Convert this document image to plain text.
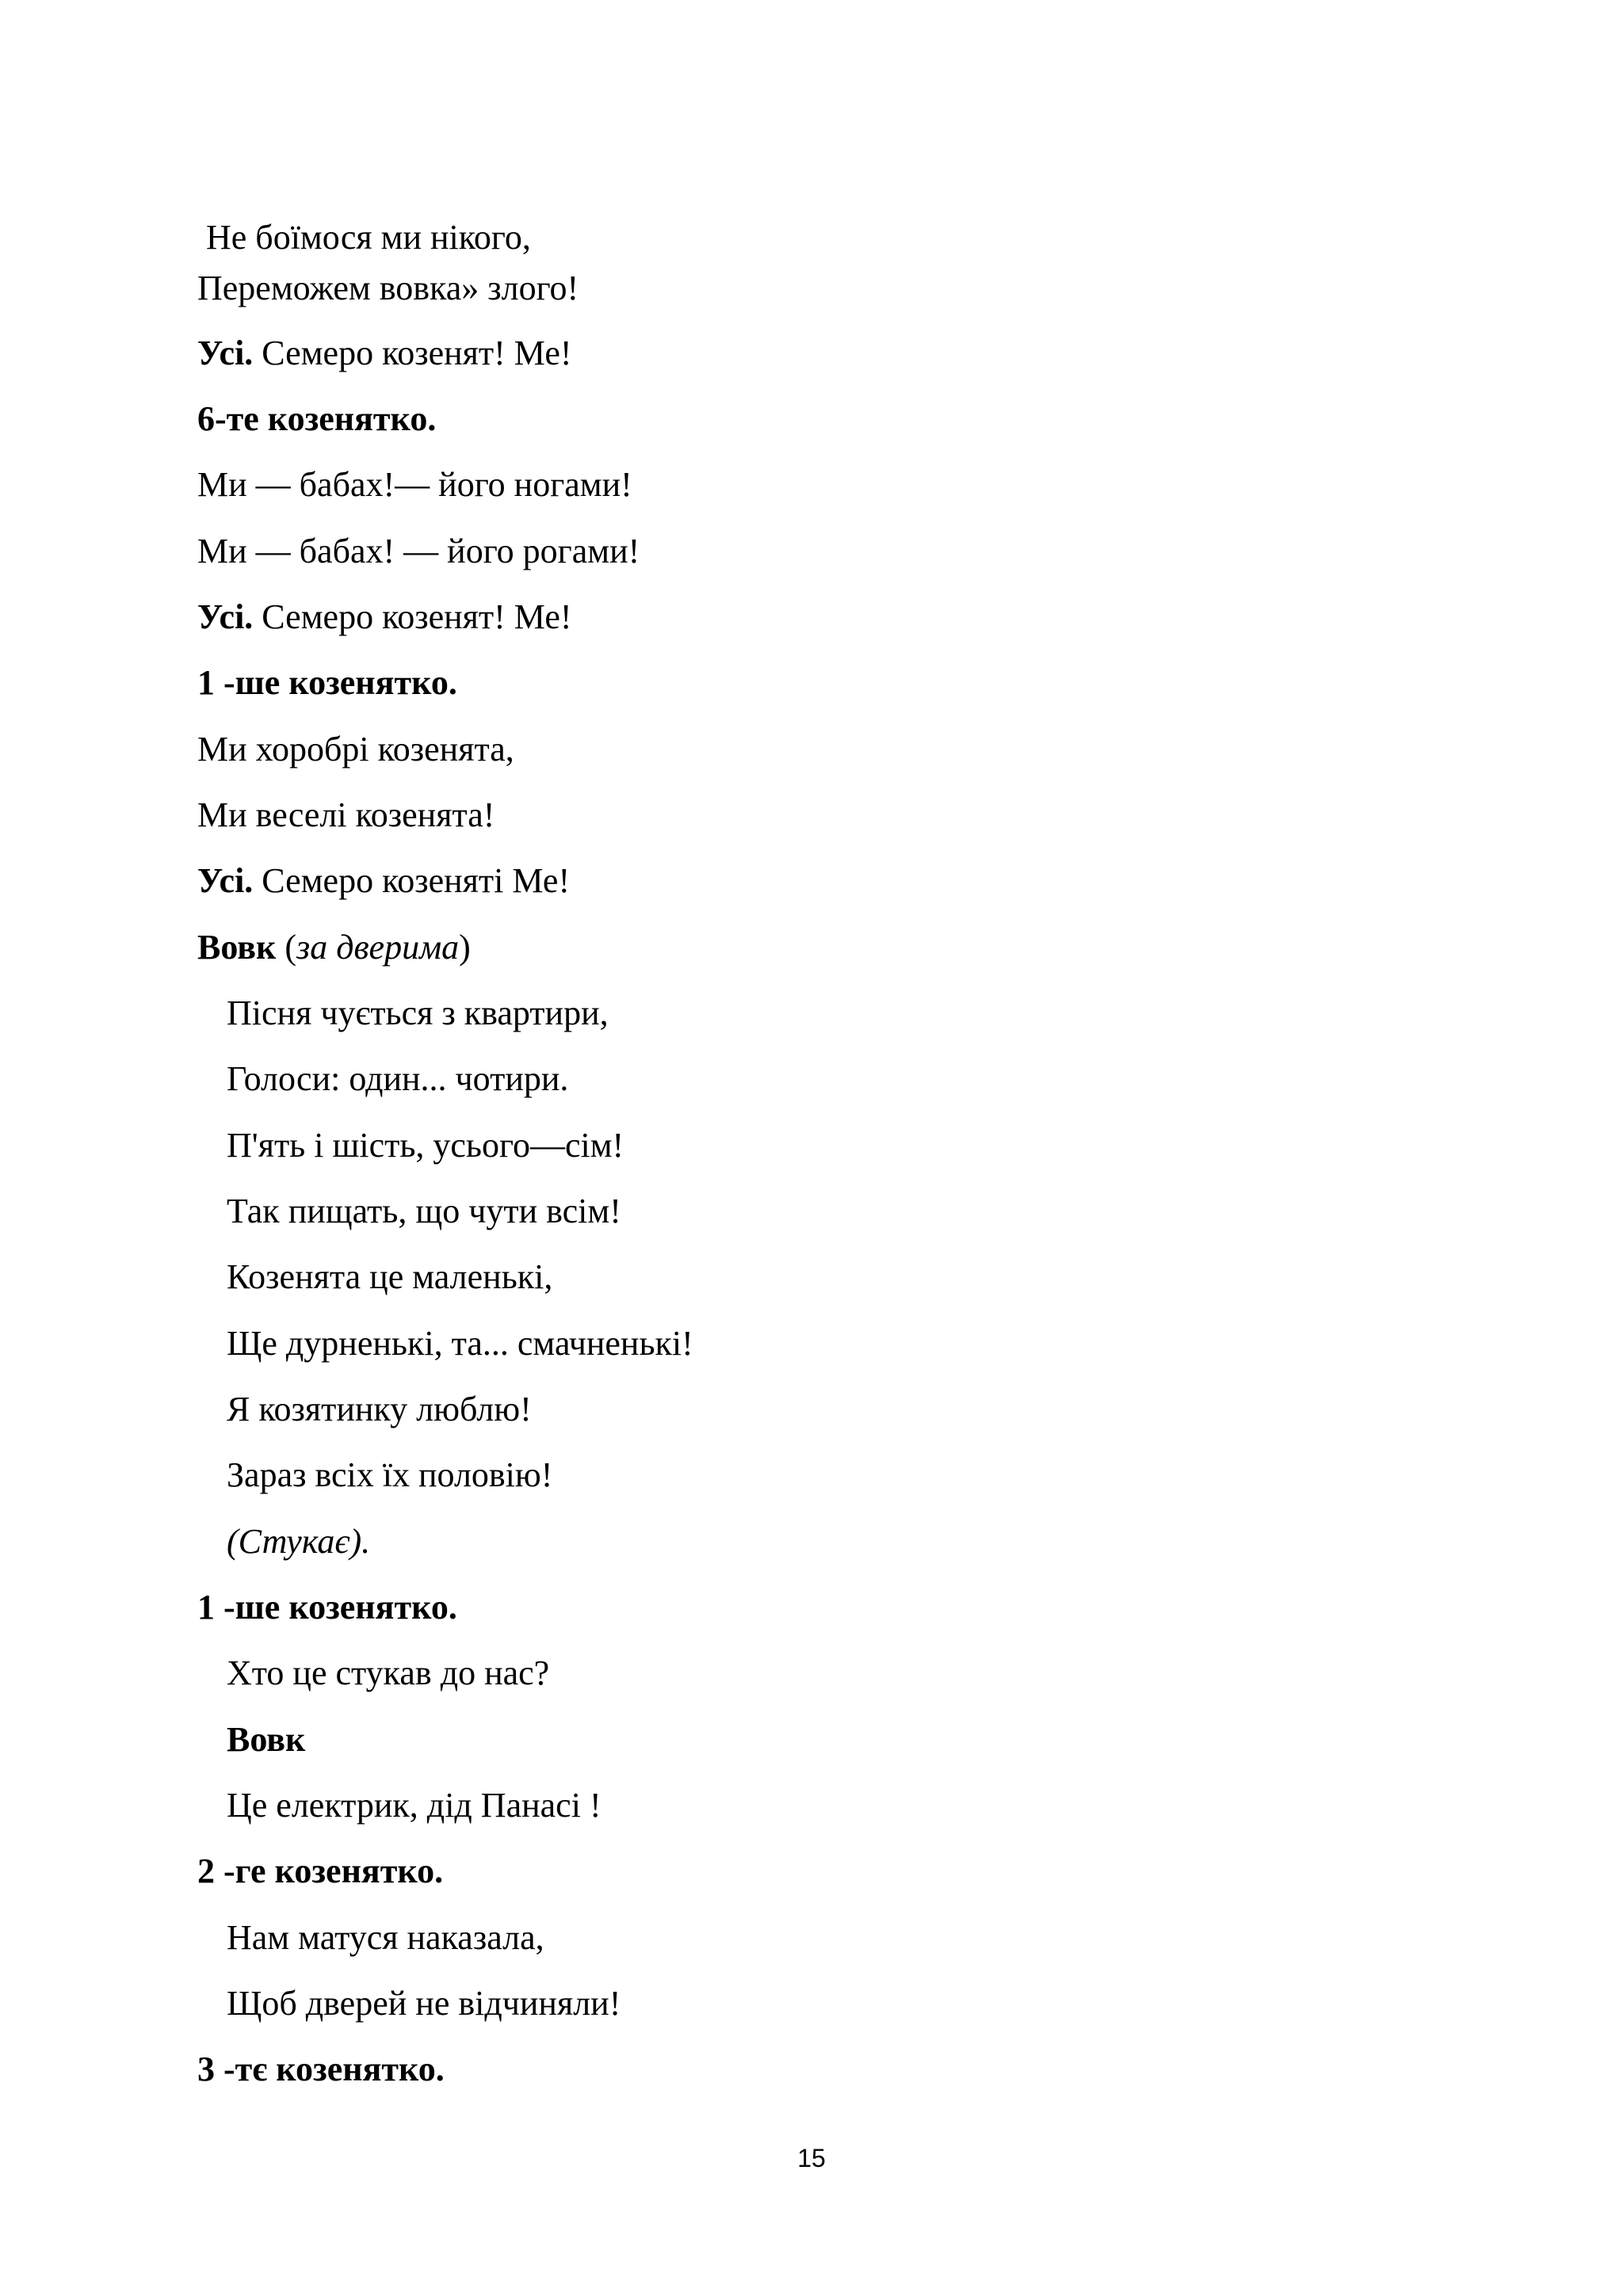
Не боїмося ми нікого,
Переможем вовка» злого!
Усі. Семеро козенят! Ме!
6-те козенятко.
Ми — бабах!— його ногами!
Ми — бабах! — його рогами!
Усі. Семеро козенят! Ме!
1 -ше козенятко.
Ми хоробрі козенята,
Ми веселі козенята!
Усі. Семеро козеняті Ме!
Вовк (за дверима)
Пісня чується з квартири,
Голоси: один... чотири.
П'ять і шість, усього—сім!
Так пищать, що чути всім!
Козенята це маленькі,
Ще дурненькі, та... смачненькі!
Я козятинку люблю!
Зараз всіх їх половію!
(Стукає).
1 -ше козенятко.
Хто це стукав до нас?
Вовк
Це електрик, дід Панасі !
2 -ге козенятко.
Нам матуся наказала,
Щоб дверей не відчиняли!
3 -тє козенятко.
15
